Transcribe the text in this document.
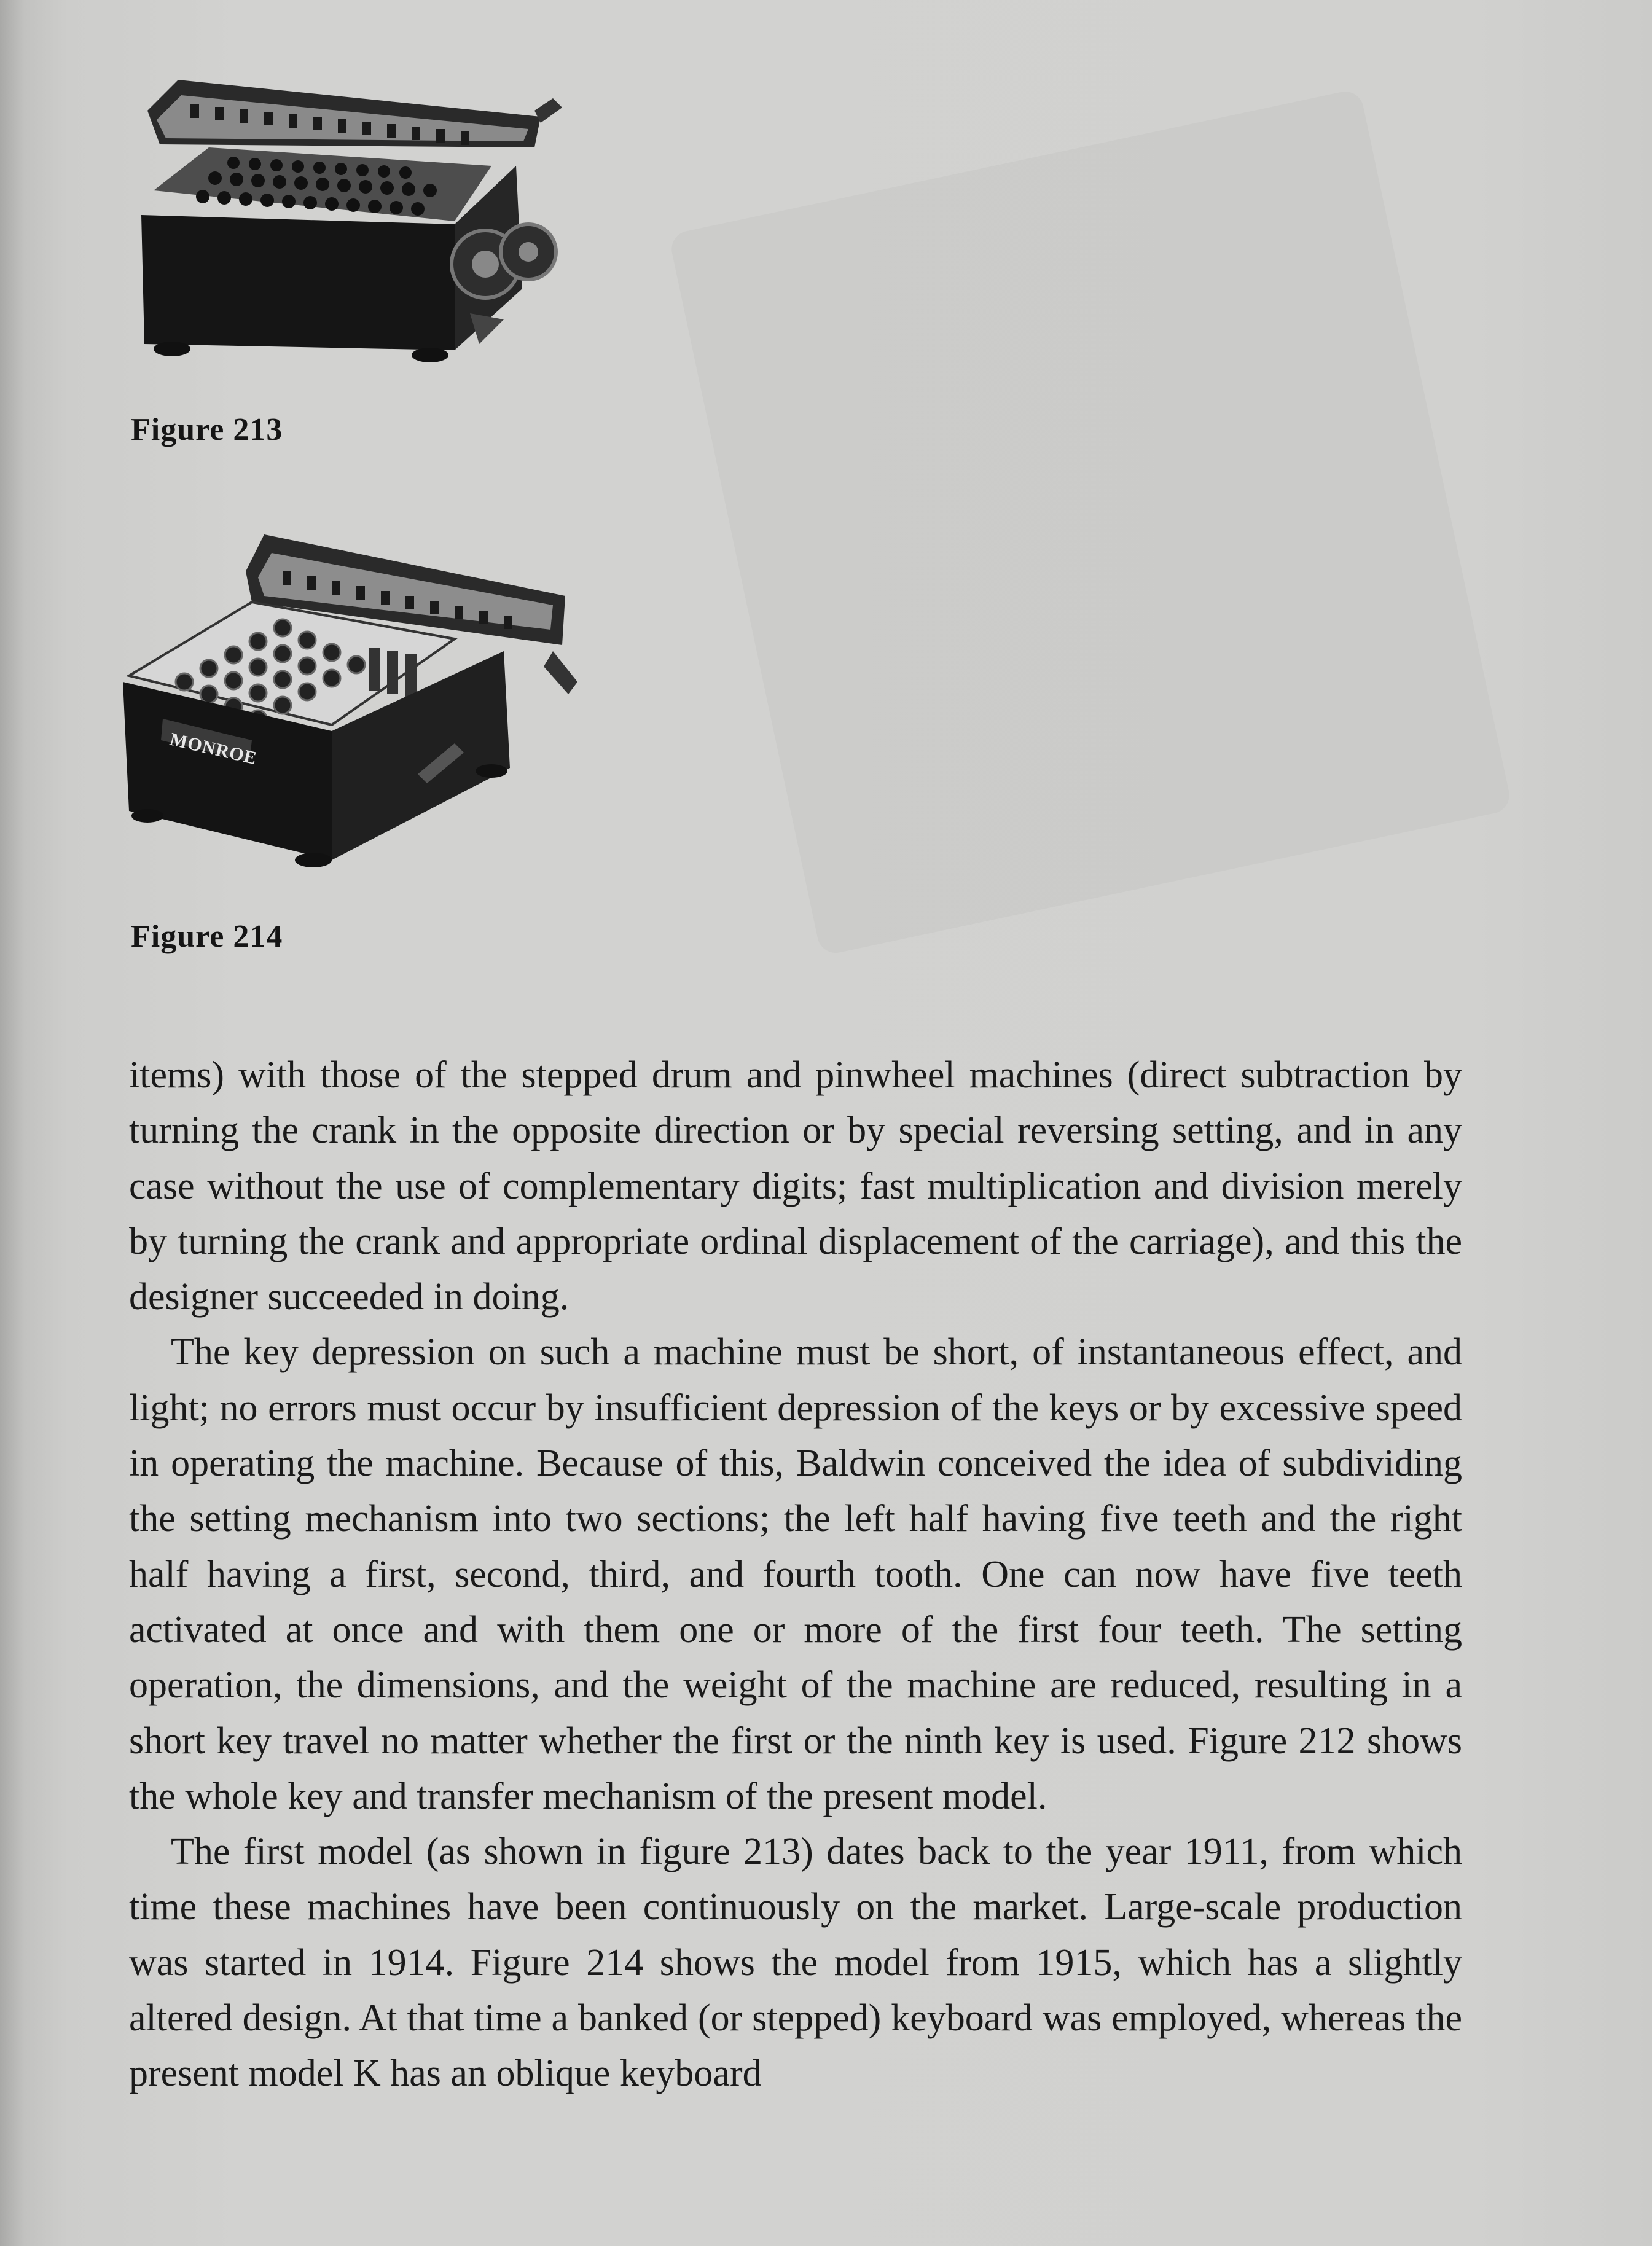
Figure 213
MONROE
Figure 214

items) with those of the stepped drum and pinwheel machines (direct subtraction by turning the crank in the opposite direction or by special reversing setting, and in any case without the use of complementary digits; fast multiplication and division merely by turning the crank and appropriate ordinal displacement of the carriage), and this the designer succeeded in doing.

The key depression on such a machine must be short, of instantaneous effect, and light; no errors must occur by insufficient depression of the keys or by excessive speed in operating the machine. Because of this, Baldwin conceived the idea of subdividing the setting mechanism into two sections; the left half having five teeth and the right half having a first, second, third, and fourth tooth. One can now have five teeth activated at once and with them one or more of the first four teeth. The setting operation, the dimensions, and the weight of the machine are reduced, resulting in a short key travel no matter whether the first or the ninth key is used. Figure 212 shows the whole key and transfer mechanism of the present model.

The first model (as shown in figure 213) dates back to the year 1911, from which time these machines have been continuously on the market. Large-scale production was started in 1914. Figure 214 shows the model from 1915, which has a slightly altered design. At that time a banked (or stepped) keyboard was employed, whereas the present model K has an oblique keyboard
